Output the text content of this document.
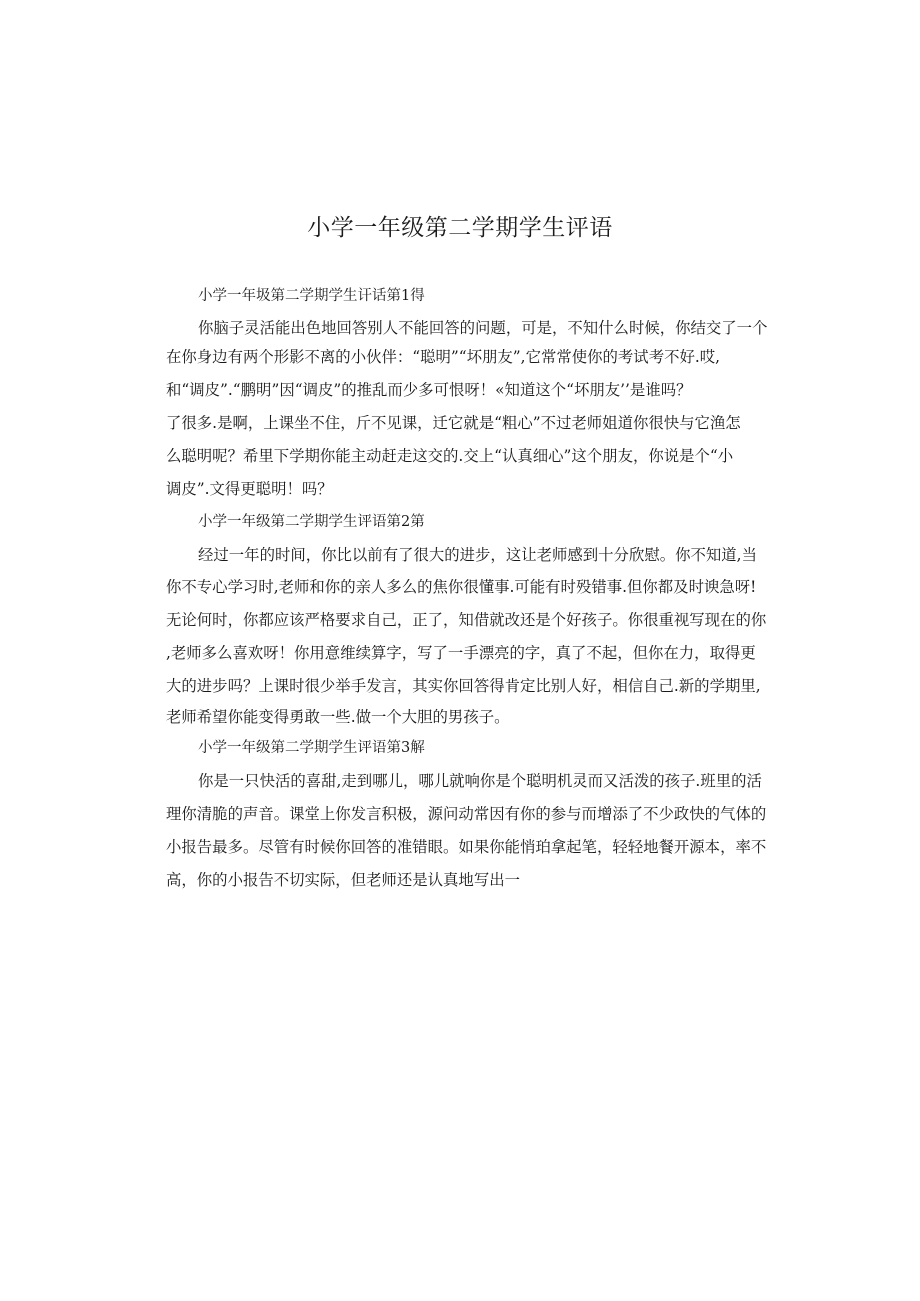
小学一年级第二学期学生评语
小学一年圾第二学期学生讦话第1得
你脑子灵活能出色地回答别人不能回答的问题，可是，不知什么时候，你结交了一个
在你身边有两个形影不离的小伙伴：“聪明”“坏朋友”,它常常使你的考试考不好.哎,
和“调皮”.“鹏明”因“调皮”的推乱而少多可恨呀！«知道这个“坏朋友’’是谁吗？
了很多.是啊，上课坐不住，斤不见课，迁它就是“粗心”不过老师姐道你很快与它渔怎
么聪明呢？希里下学期你能主动赶走这交的.交上“认真细心”这个朋友，你说是个“小
调皮”.文得更聪明！吗？
小学一年级第二学期学生评语第2第
经过一年的时间，你比以前有了很大的进步，这让老师感到十分欣慰。你不知道,当
你不专心学习时,老师和你的亲人多么的焦你很懂事.可能有时殁错事.但你都及时谀急呀!
无论何时，你都应该严格要求自己，正了，知借就改还是个好孩子。你很重视写现在的你
,老师多么喜欢呀！你用意维续算字，写了一手漂亮的字，真了不起，但你在力，取得更
大的进步吗？上课时很少举手发言，其实你回答得肯定比别人好，相信自己.新的学期里,
老师希望你能变得勇敢一些.做一个大胆的男孩子。
小学一年级第二学期学生评语第3解
你是一只快活的喜甜,走到哪儿，哪儿就响你是个聪明机灵而又活泼的孩子.班里的活
理你清脆的声音。课堂上你发言积极，源问动常因有你的参与而增添了不少政快的气体的
小报告最多。尽管有时候你回答的准错眼。如果你能悄珀拿起笔，轻轻地餐开源本，率不
高，你的小报告不切实际，但老师还是认真地写出一
